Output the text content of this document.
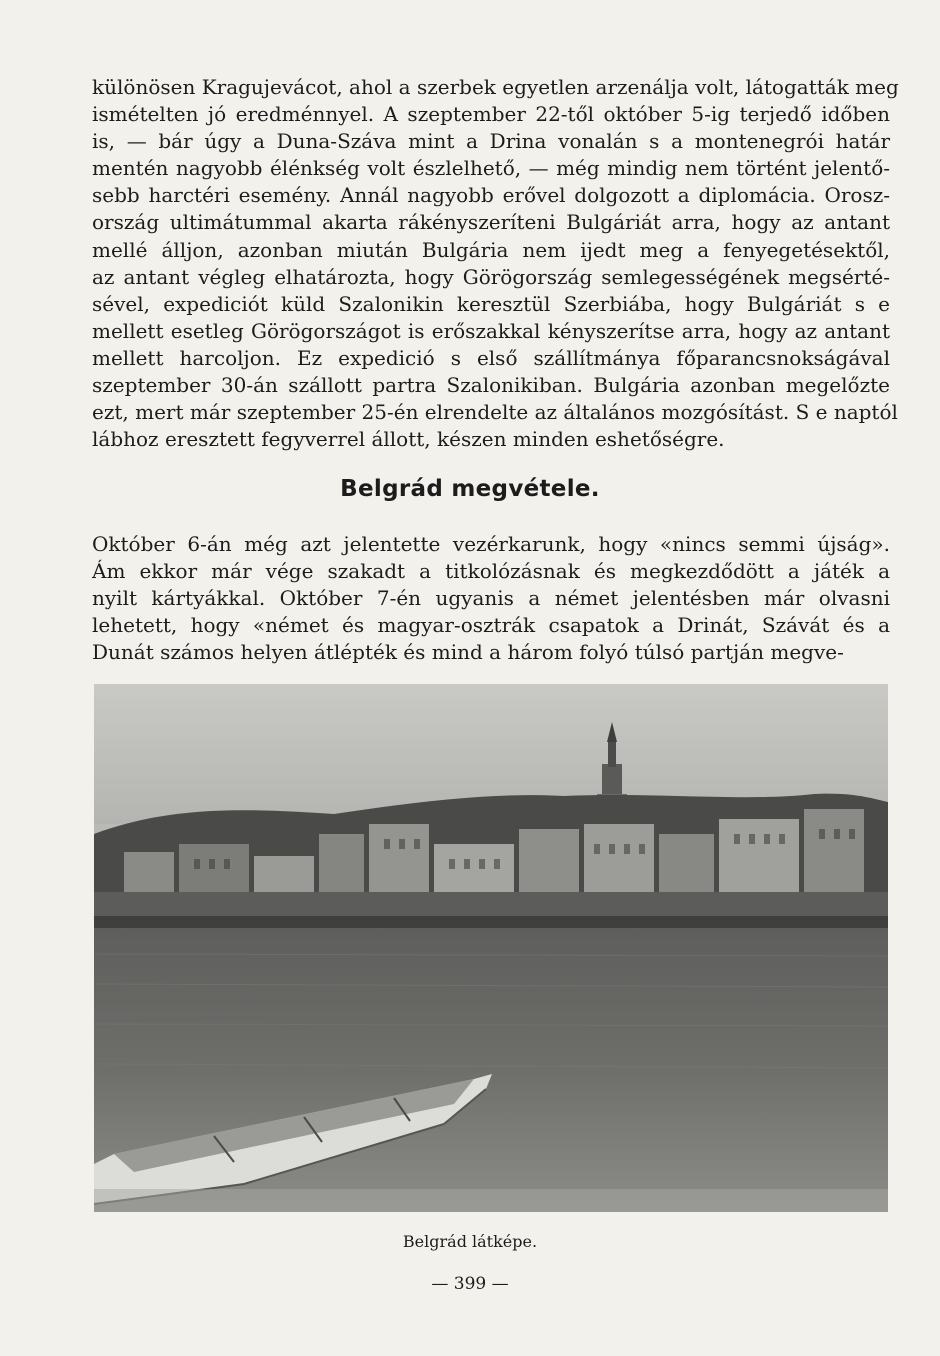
különösen Kragujevácot, ahol a szerbek egyetlen arzenálja volt, látogatták meg
ismételten jó eredménnyel. A szeptember 22-től október 5-ig terjedő időben
is, — bár úgy a Duna-Száva mint a Drina vonalán s a montenegrói határ
mentén nagyobb élénkség volt észlelhető, — még mindig nem történt jelentő-
sebb harctéri esemény. Annál nagyobb erővel dolgozott a diplomácia. Orosz-
ország ultimátummal akarta rákényszeríteni Bulgáriát arra, hogy az antant
mellé álljon, azonban miután Bulgária nem ijedt meg a fenyegetésektől,
az antant végleg elhatározta, hogy Görögország semlegességének megsérté-
sével, expediciót küld Szalonikin keresztül Szerbiába, hogy Bulgáriát s e
mellett esetleg Görögországot is erőszakkal kényszerítse arra, hogy az antant
mellett harcoljon. Ez expedició s első szállítmánya főparancsnokságával
szeptember 30-án szállott partra Szalonikiban. Bulgária azonban megelőzte
ezt, mert már szeptember 25-én elrendelte az általános mozgósítást. S e naptól
lábhoz eresztett fegyverrel állott, készen minden eshetőségre.
Belgrád megvétele.
Október 6-án még azt jelentette vezérkarunk, hogy «nincs semmi újság».
Ám ekkor már vége szakadt a titkolózásnak és megkezdődött a játék a
nyilt kártyákkal. Október 7-én ugyanis a német jelentésben már olvasni
lehetett, hogy «német és magyar-osztrák csapatok a Drinát, Szávát és a
Dunát számos helyen átlépték és mind a három folyó túlsó partján megve-
Belgrád látképe.
— 399 —
